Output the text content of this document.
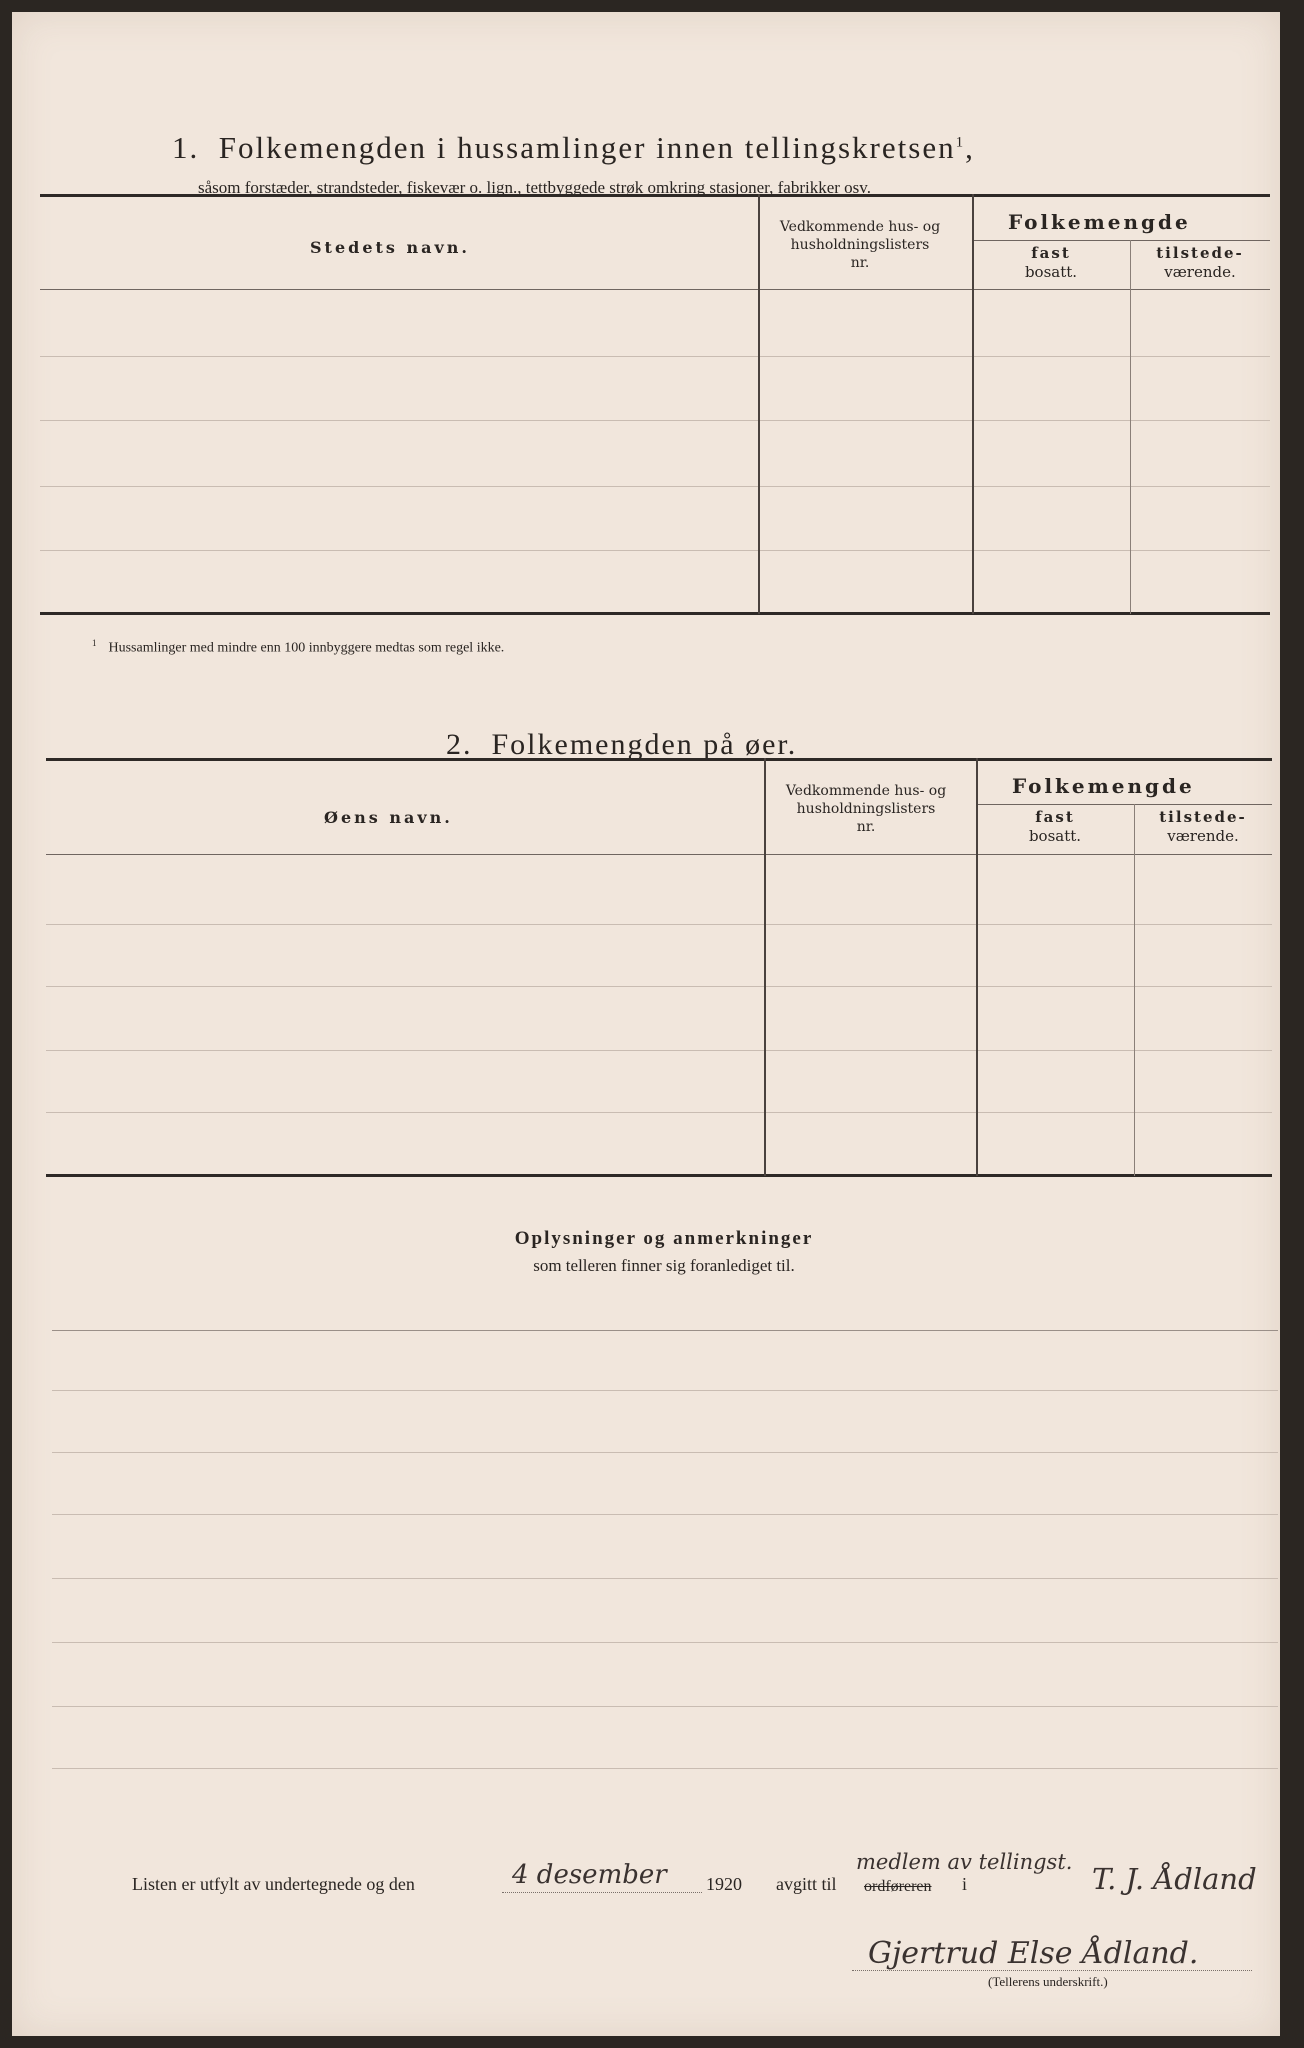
1. Folkemengden i hussamlinger innen tellingskretsen$^1$,
såsom forstæder, strandsteder, fiskevær o. lign., tettbyggede strøk omkring stasjoner, fabrikker osv.
Stedets navn.
Vedkommende hus- og
husholdningslisters
nr.
Folkemengde
fast
bosatt.
tilstede-
værende.
$^1$ Hussamlinger med mindre enn 100 innbyggere medtas som regel ikke.
2. Folkemengden på øer.
Øens navn.
Vedkommende hus- og
husholdningslisters
nr.
Folkemengde
fast
bosatt.
tilstede-
værende.
Oplysninger og anmerkninger
som telleren finner sig foranlediget til.
Listen er utfylt av undertegnede og den	4 desember 1920 avgitt til
medlem av tellingst.
ordføreren i	T. J. Ådland
Gjertrud Else Ådland.
(Tellerens underskrift.)
